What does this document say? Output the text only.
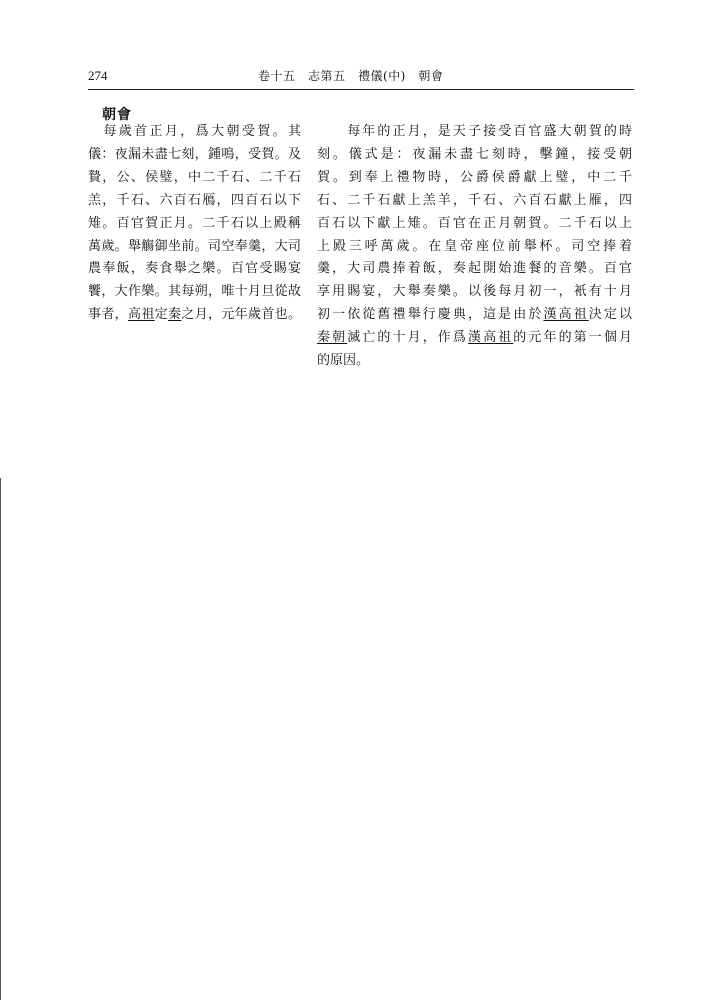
274	卷十五　志第五　禮儀(中)　朝會
朝會
　每歲首正月，爲大朝受賀。其
儀：夜漏未盡七刻，鍾鳴，受賀。及
贄，公、侯璧，中二千石、二千石
羔，千石、六百石鴈，四百石以下
雉。百官賀正月。二千石以上殿稱
萬歲。舉觴御坐前。司空奉羹，大司
農奉飯，奏食舉之樂。百官受賜宴
饗，大作樂。其每朔，唯十月旦從故
事者，高祖定秦之月，元年歲首也。
　　每年的正月，是天子接受百官盛大朝賀的時
刻。儀式是：夜漏未盡七刻時，擊鐘，接受朝
賀。到奉上禮物時，公爵侯爵獻上璧，中二千
石、二千石獻上羔羊，千石、六百石獻上雁，四
百石以下獻上雉。百官在正月朝賀。二千石以上
上殿三呼萬歲。在皇帝座位前舉杯。司空捧着
羹，大司農捧着飯，奏起開始進餐的音樂。百官
享用賜宴，大舉奏樂。以後每月初一，衹有十月
初一依從舊禮舉行慶典，這是由於漢高祖決定以
秦朝滅亡的十月，作爲漢高祖的元年的第一個月
的原因。
